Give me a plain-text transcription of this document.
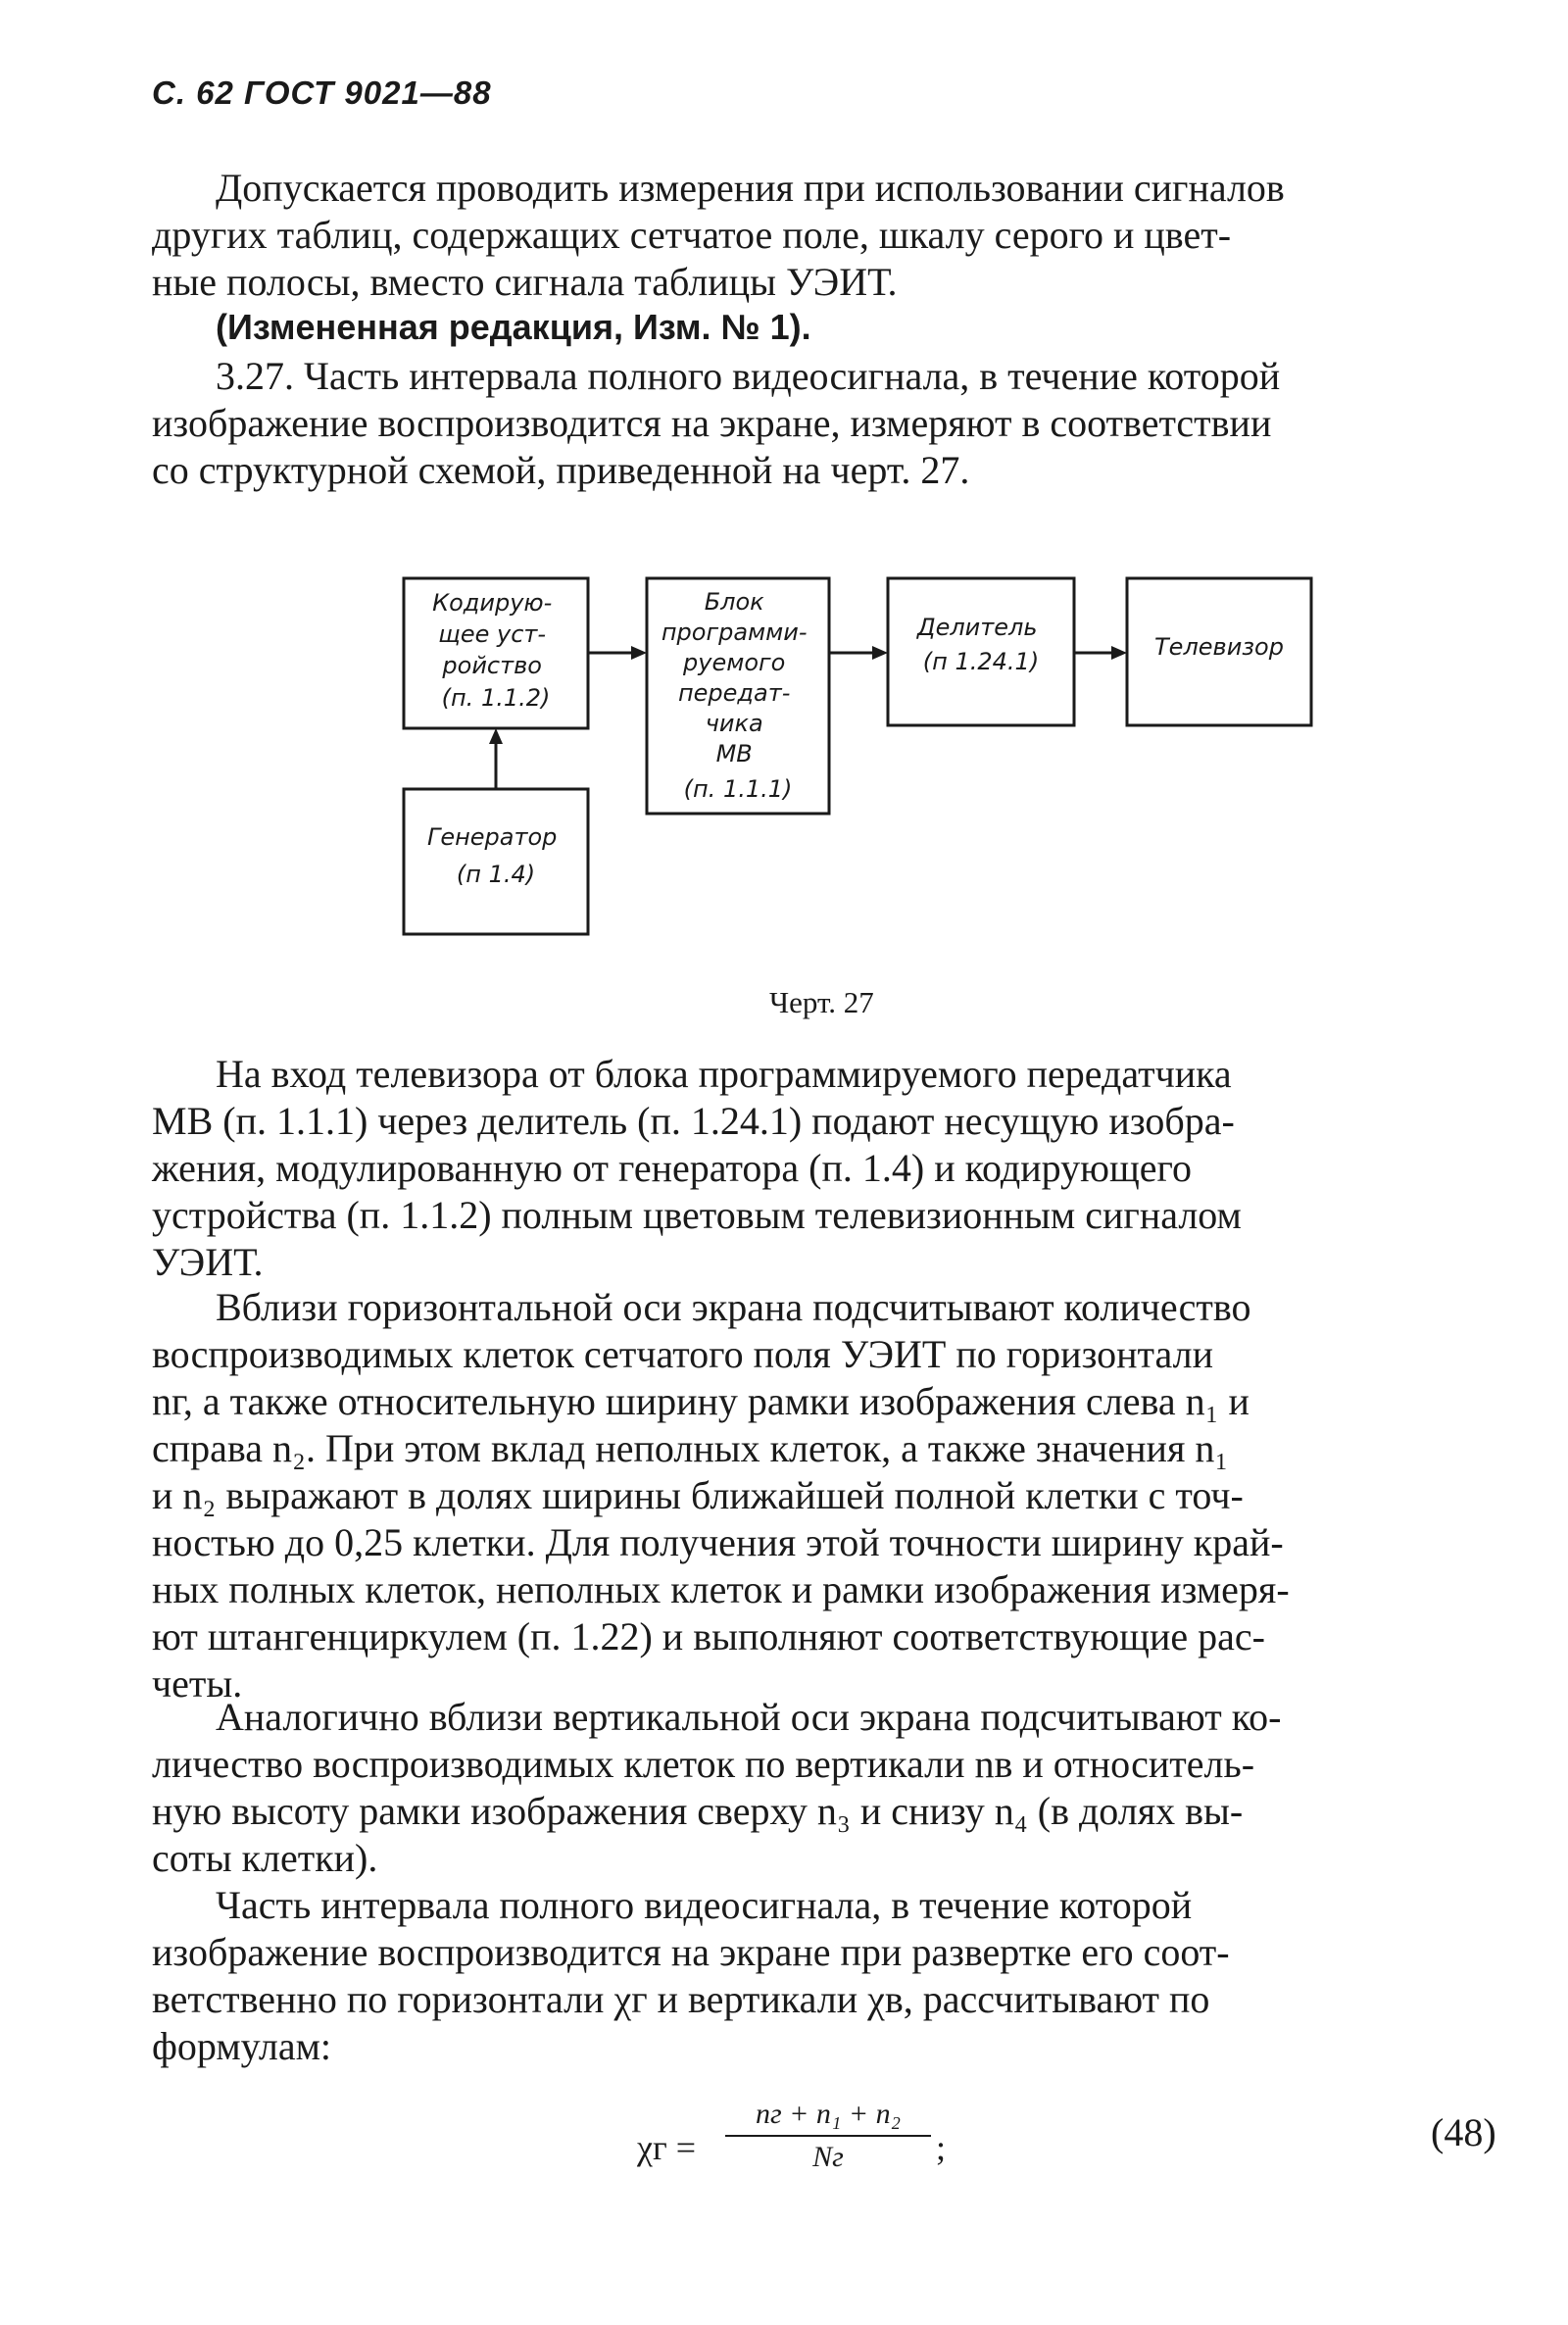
С. 62 ГОСТ 9021—88
Допускается проводить измерения при использовании сигналов
других таблиц, содержащих сетчатое поле, шкалу серого и цвет-
ные полосы, вместо сигнала таблицы УЭИТ.
(Измененная редакция, Изм. № 1).
3.27. Часть интервала полного видеосигнала, в течение которой
изображение воспроизводится на экране, измеряют в соответствии
со структурной схемой, приведенной на черт. 27.
Кодирую- щее уст- ройство (п. 1.1.2)
Блок программи- руемого передат- чика МВ (п. 1.1.1)
Делитель (п 1.24.1)
Телевизор
Генератор (п 1.4)
Черт. 27
На вход телевизора от блока программируемого передатчика
МВ (п. 1.1.1) через делитель (п. 1.24.1) подают несущую изобра-
жения, модулированную от генератора (п. 1.4) и кодирующего
устройства (п. 1.1.2) полным цветовым телевизионным сигналом
УЭИТ.
Вблизи горизонтальной оси экрана подсчитывают количество
воспроизводимых клеток сетчатого поля УЭИТ по горизонтали
nг, а также относительную ширину рамки изображения слева n₁ и
справа n₂. При этом вклад неполных клеток, а также значения n₁
и n₂ выражают в долях ширины ближайшей полной клетки с точ-
ностью до 0,25 клетки. Для получения этой точности ширину край-
ных полных клеток, неполных клеток и рамки изображения измеря-
ют штангенциркулем (п. 1.22) и выполняют соответствующие рас-
четы.
Аналогично вблизи вертикальной оси экрана подсчитывают ко-
личество воспроизводимых клеток по вертикали nв и относитель-
ную высоту рамки изображения сверху n₃ и снизу n₄ (в долях вы-
соты клетки).
Часть интервала полного видеосигнала, в течение которой
изображение воспроизводится на экране при развертке его соот-
ветственно по горизонтали χг и вертикали χв, рассчитывают по
формулам:
χг =
nг + n₁ + n₂
Nг	;	(48)
